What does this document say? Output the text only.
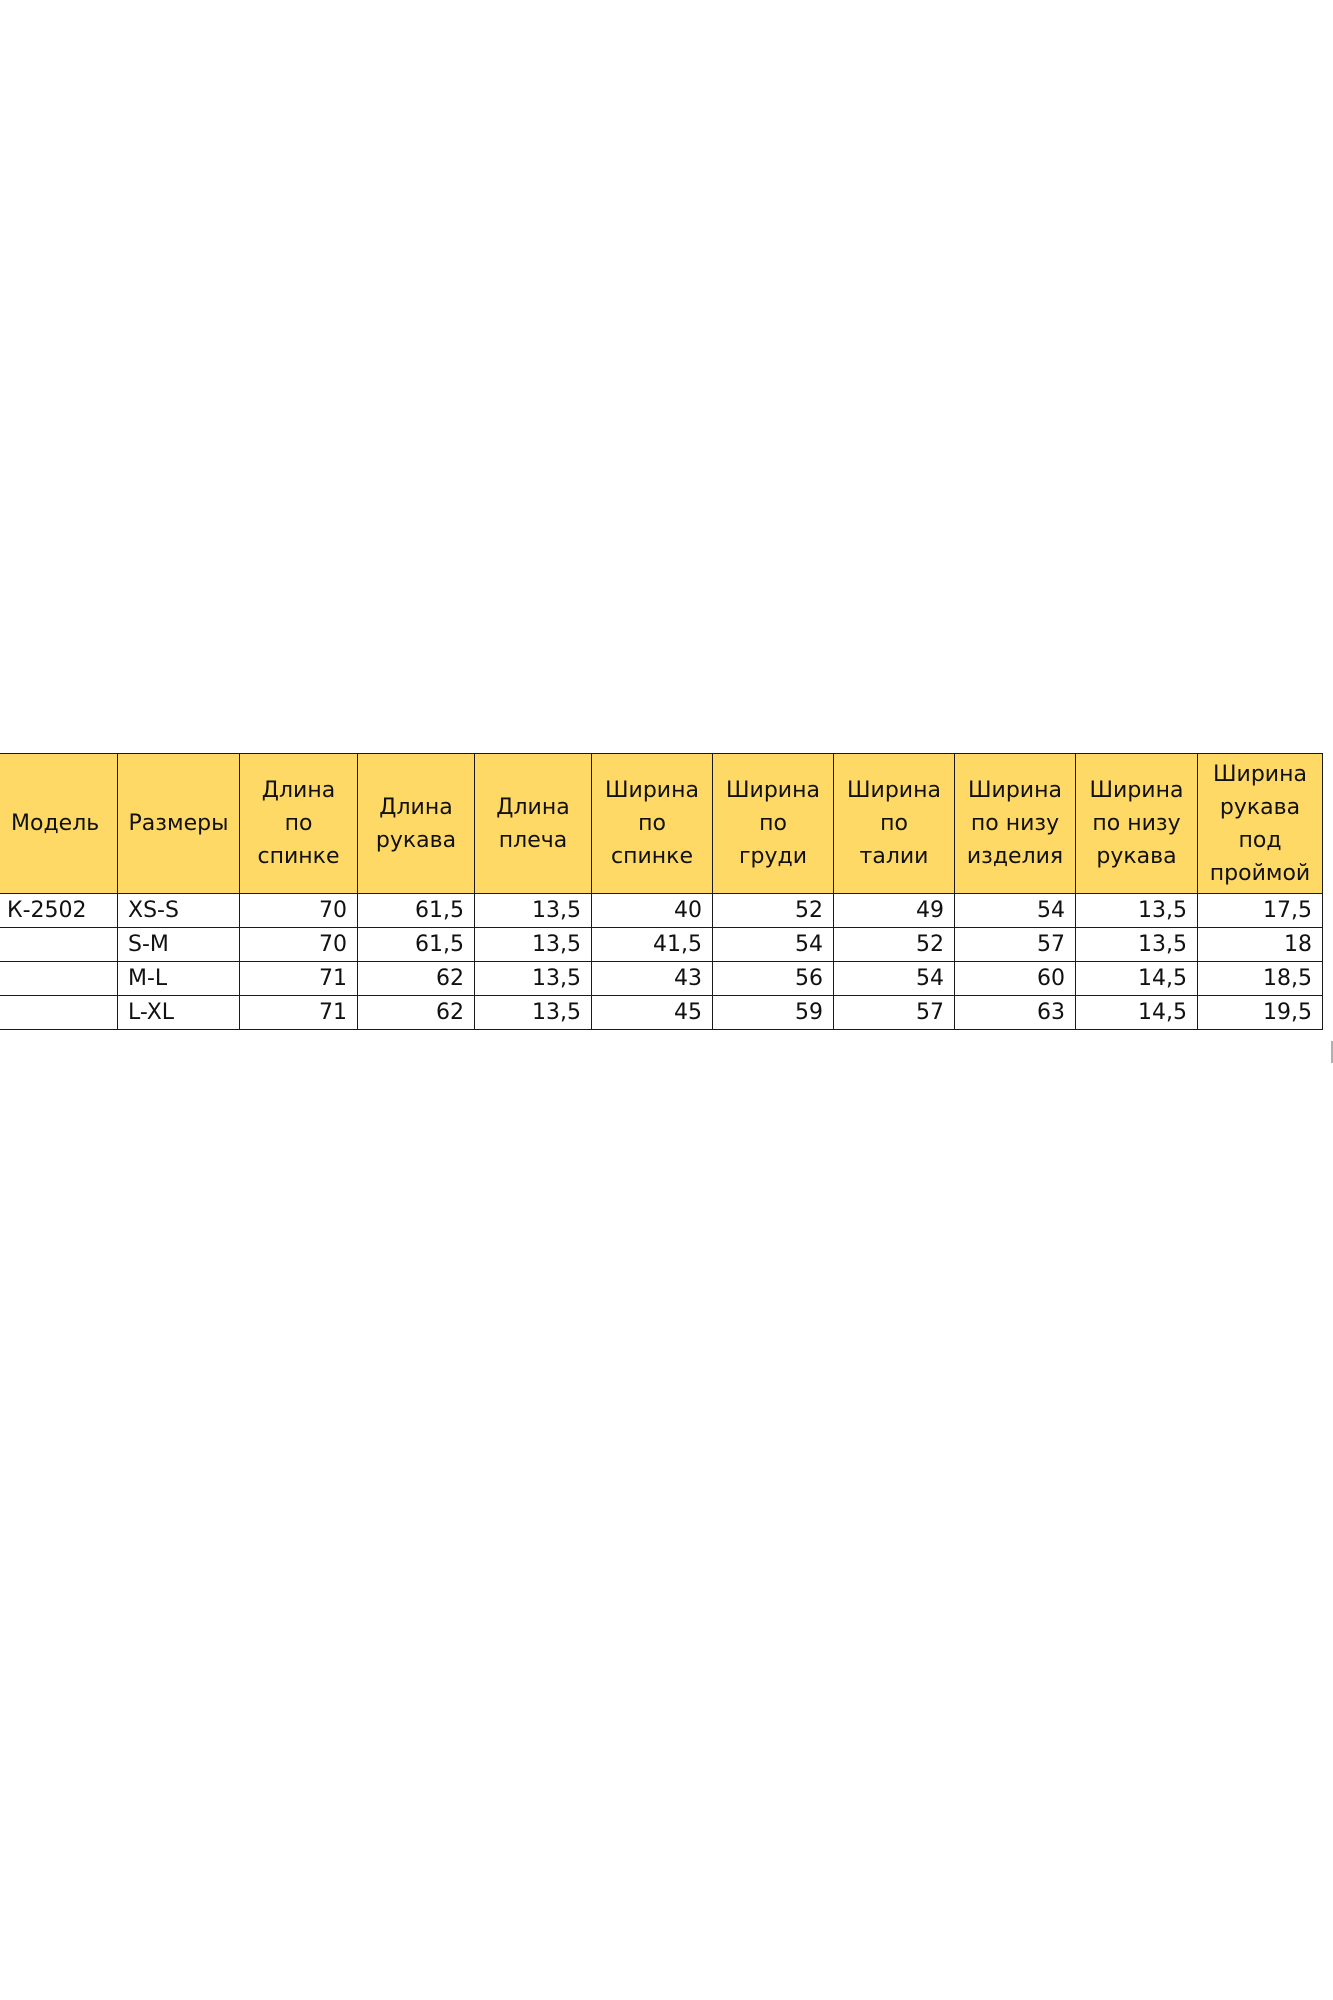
Модель	Размеры	Длина
по
спинке	Длина
рукава	Длина
плеча	Ширина
по
спинке	Ширина
по
груди	Ширина
по
талии	Ширина
по низу
изделия	Ширина
по низу
рукава	Ширина
рукава
под
проймой

К-2502	XS-S	70	61,5	13,5	40	52	49	54	13,5	17,5
	S-M	70	61,5	13,5	41,5	54	52	57	13,5	18
	M-L	71	62	13,5	43	56	54	60	14,5	18,5
	L-XL	71	62	13,5	45	59	57	63	14,5	19,5
